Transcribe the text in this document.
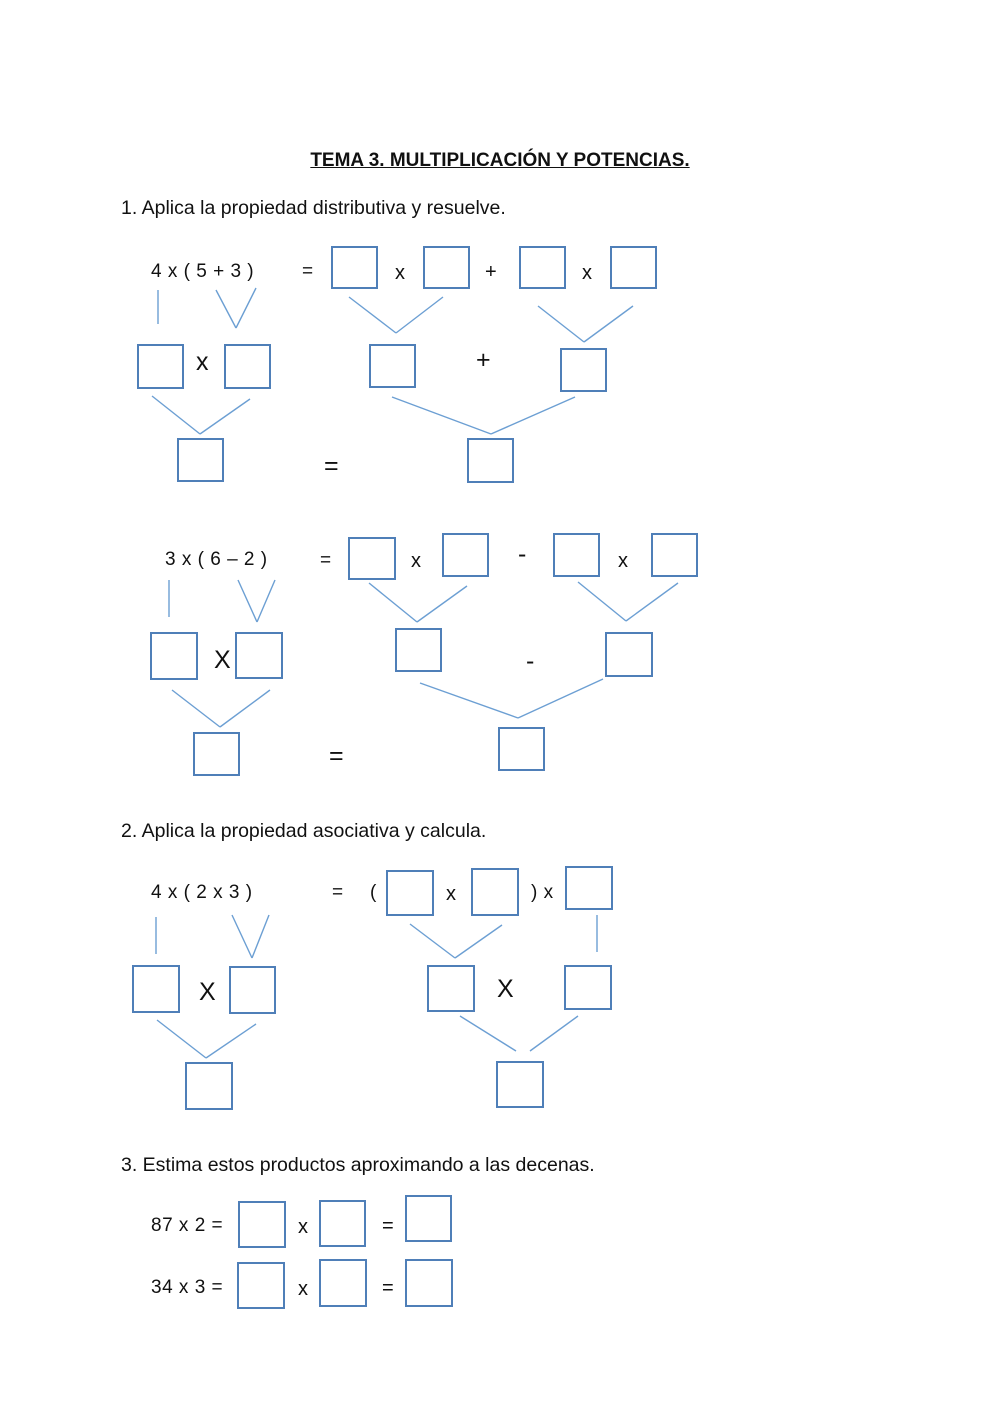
TEMA 3. MULTIPLICACIÓN Y POTENCIAS.
1. Aplica la propiedad distributiva y resuelve.
4 x ( 5 + 3 )	=	x	+	x
x	+
=
3 x ( 6 – 2 )	=	x	-	x
X	-
=
2. Aplica la propiedad asociativa y calcula.
4 x ( 2 x 3 )	= (	x	) x
X	X
3. Estima estos productos aproximando a las decenas.
87 x 2 =	x	=
34 x 3 =	x	=
